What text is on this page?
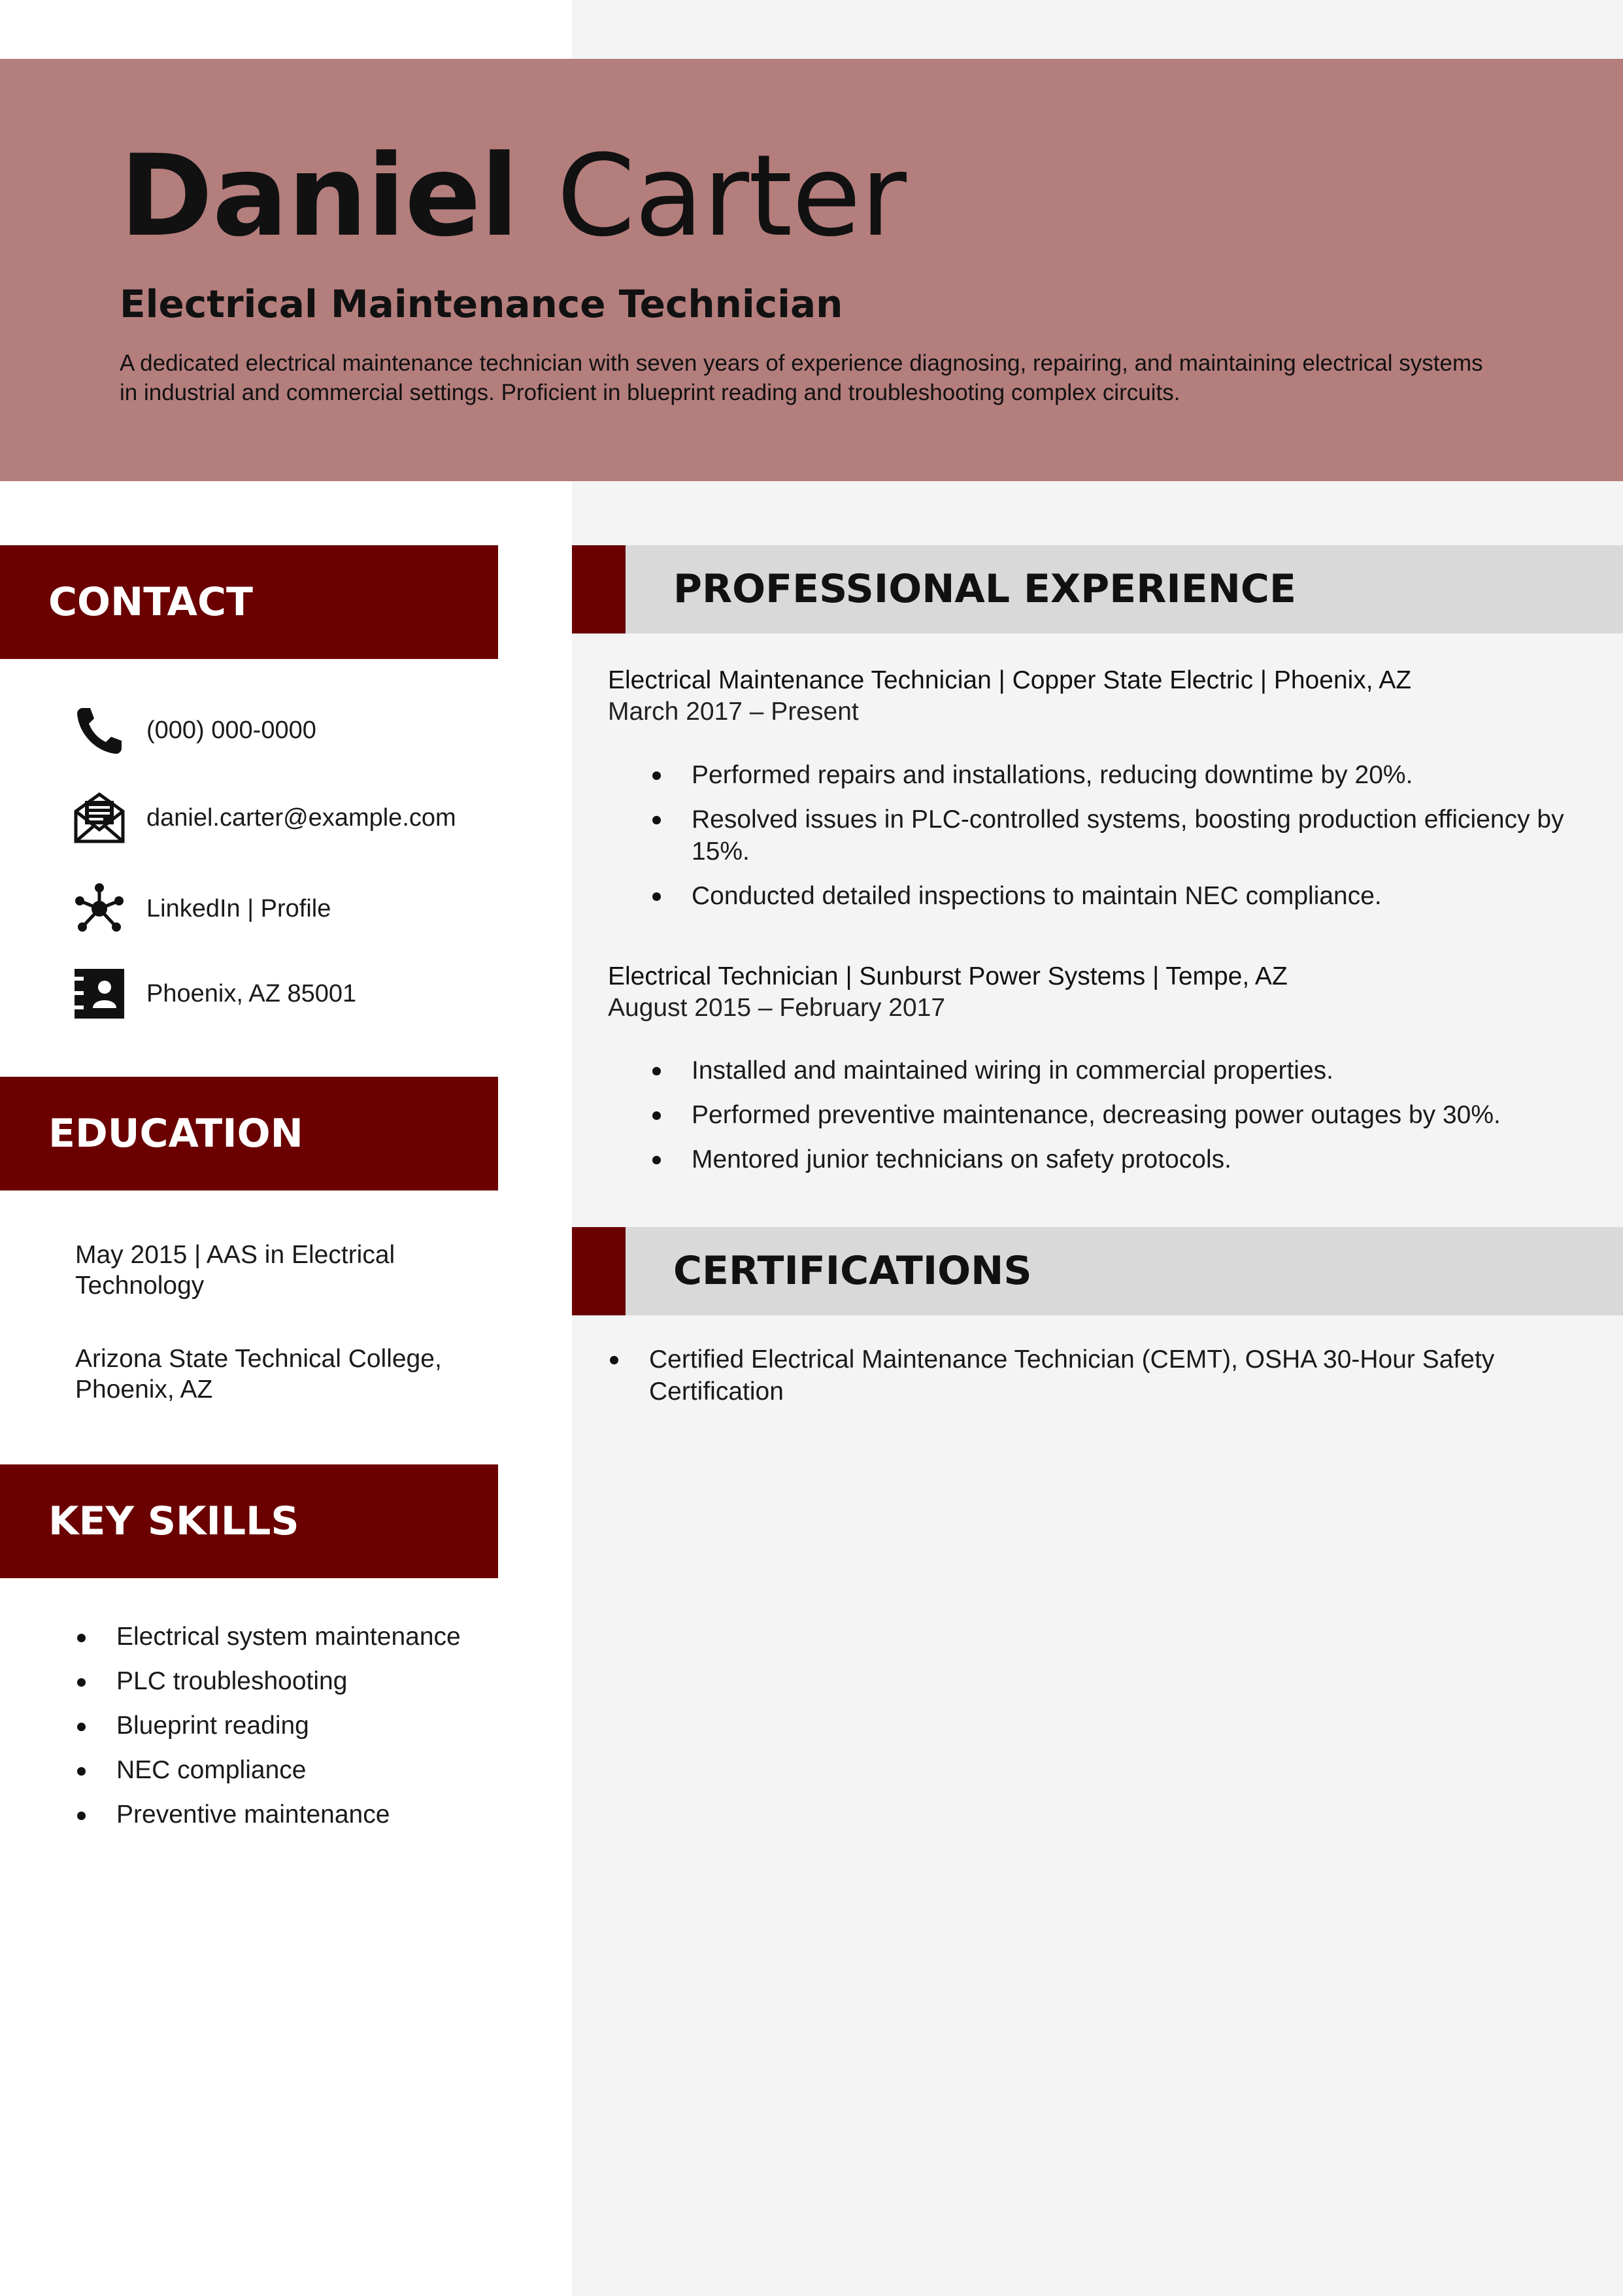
Daniel Carter
Electrical Maintenance Technician

A dedicated electrical maintenance technician with seven years of experience diagnosing, repairing, and maintaining electrical systems in industrial and commercial settings. Proficient in blueprint reading and troubleshooting complex circuits.

CONTACT
(000) 000-0000
daniel.carter@example.com
LinkedIn | Profile
Phoenix, AZ 85001
EDUCATION

May 2015 | AAS in Electrical Technology

Arizona State Technical College, Phoenix, AZ

KEY SKILLS
Electrical system maintenance
PLC troubleshooting
Blueprint reading
NEC compliance
Preventive maintenance
PROFESSIONAL EXPERIENCE
Electrical Maintenance Technician | Copper State Electric | Phoenix, AZ
March 2017 – Present
Performed repairs and installations, reducing downtime by 20%.
Resolved issues in PLC-controlled systems, boosting production efficiency by 15%.
Conducted detailed inspections to maintain NEC compliance.
Electrical Technician | Sunburst Power Systems | Tempe, AZ
August 2015 – February 2017
Installed and maintained wiring in commercial properties.
Performed preventive maintenance, decreasing power outages by 30%.
Mentored junior technicians on safety protocols.
CERTIFICATIONS
Certified Electrical Maintenance Technician (CEMT), OSHA 30-Hour Safety Certification
